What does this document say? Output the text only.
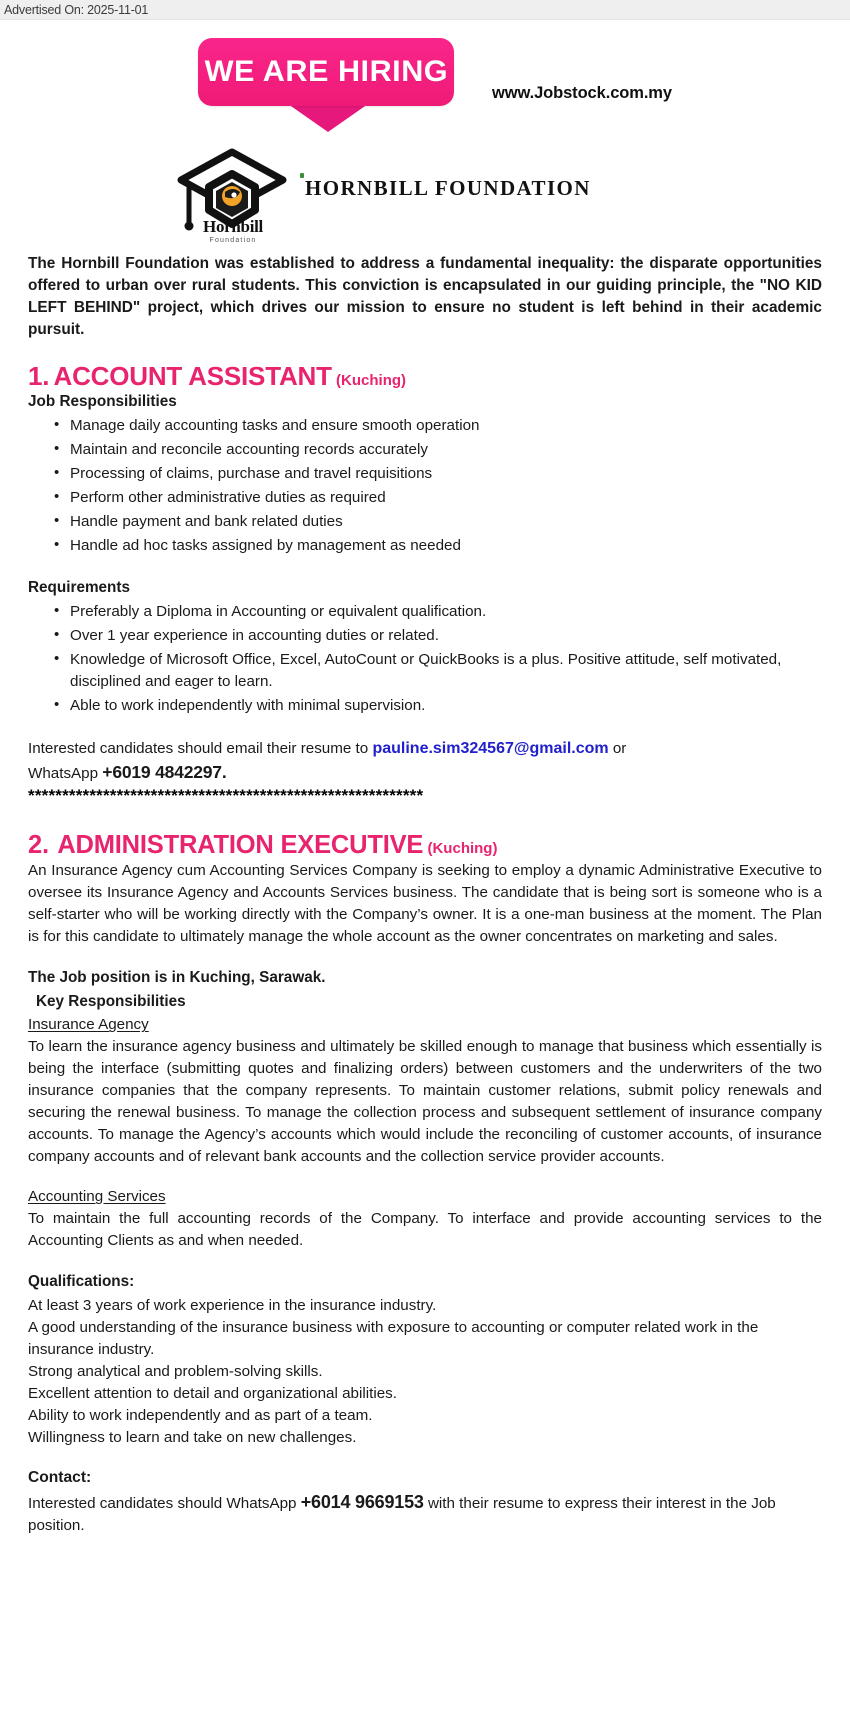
Advertised On: 2025-11-01
WE ARE HIRING
www.Jobstock.com.my
Hornbill
Foundation
HORNBILL FOUNDATION

The Hornbill Foundation was established to address a fundamental inequality: the disparate opportunities offered to urban over rural students. This conviction is encapsulated in our guiding principle, the "NO KID LEFT BEHIND" project, which drives our mission to ensure no student is left behind in their academic pursuit.

1. ACCOUNT ASSISTANT (Kuching)
Job Responsibilities
• Manage daily accounting tasks and ensure smooth operation
• Maintain and reconcile accounting records accurately
• Processing of claims, purchase and travel requisitions
• Perform other administrative duties as required
• Handle payment and bank related duties
• Handle ad hoc tasks assigned by management as needed
Requirements
• Preferably a Diploma in Accounting or equivalent qualification.
• Over 1 year experience in accounting duties or related.
• Knowledge of Microsoft Office, Excel, AutoCount or QuickBooks is a plus. Positive attitude, self motivated, disciplined and eager to learn.
• Able to work independently with minimal supervision.

Interested candidates should email their resume to pauline.sim324567@gmail.com or

WhatsApp +6019 4842297.

**********************************************************
2. ADMINISTRATION EXECUTIVE (Kuching)

An Insurance Agency cum Accounting Services Company is seeking to employ a dynamic Administrative Executive to oversee its Insurance Agency and Accounts Services business. The candidate that is being sort is someone who is a self-starter who will be working directly with the Company’s owner. It is a one-man business at the moment. The Plan is for this candidate to ultimately manage the whole account as the owner concentrates on marketing and sales.

The Job position is in Kuching, Sarawak.
Key Responsibilities
Insurance Agency

To learn the insurance agency business and ultimately be skilled enough to manage that business which essentially is being the interface (submitting quotes and finalizing orders) between customers and the underwriters of the two insurance companies that the company represents. To maintain customer relations, submit policy renewals and securing the renewal business. To manage the collection process and subsequent settlement of insurance company accounts. To manage the Agency’s accounts which would include the reconciling of customer accounts, of insurance company accounts and of relevant bank accounts and the collection service provider accounts.

Accounting Services

To maintain the full accounting records of the Company. To interface and provide accounting services to the Accounting Clients as and when needed.

Qualifications:

At least 3 years of work experience in the insurance industry.

A good understanding of the insurance business with exposure to accounting or computer related work in the insurance industry.

Strong analytical and problem-solving skills.

Excellent attention to detail and organizational abilities.

Ability to work independently and as part of a team.

Willingness to learn and take on new challenges.

Contact:

Interested candidates should WhatsApp +6014 9669153 with their resume to express their interest in the Job position.
